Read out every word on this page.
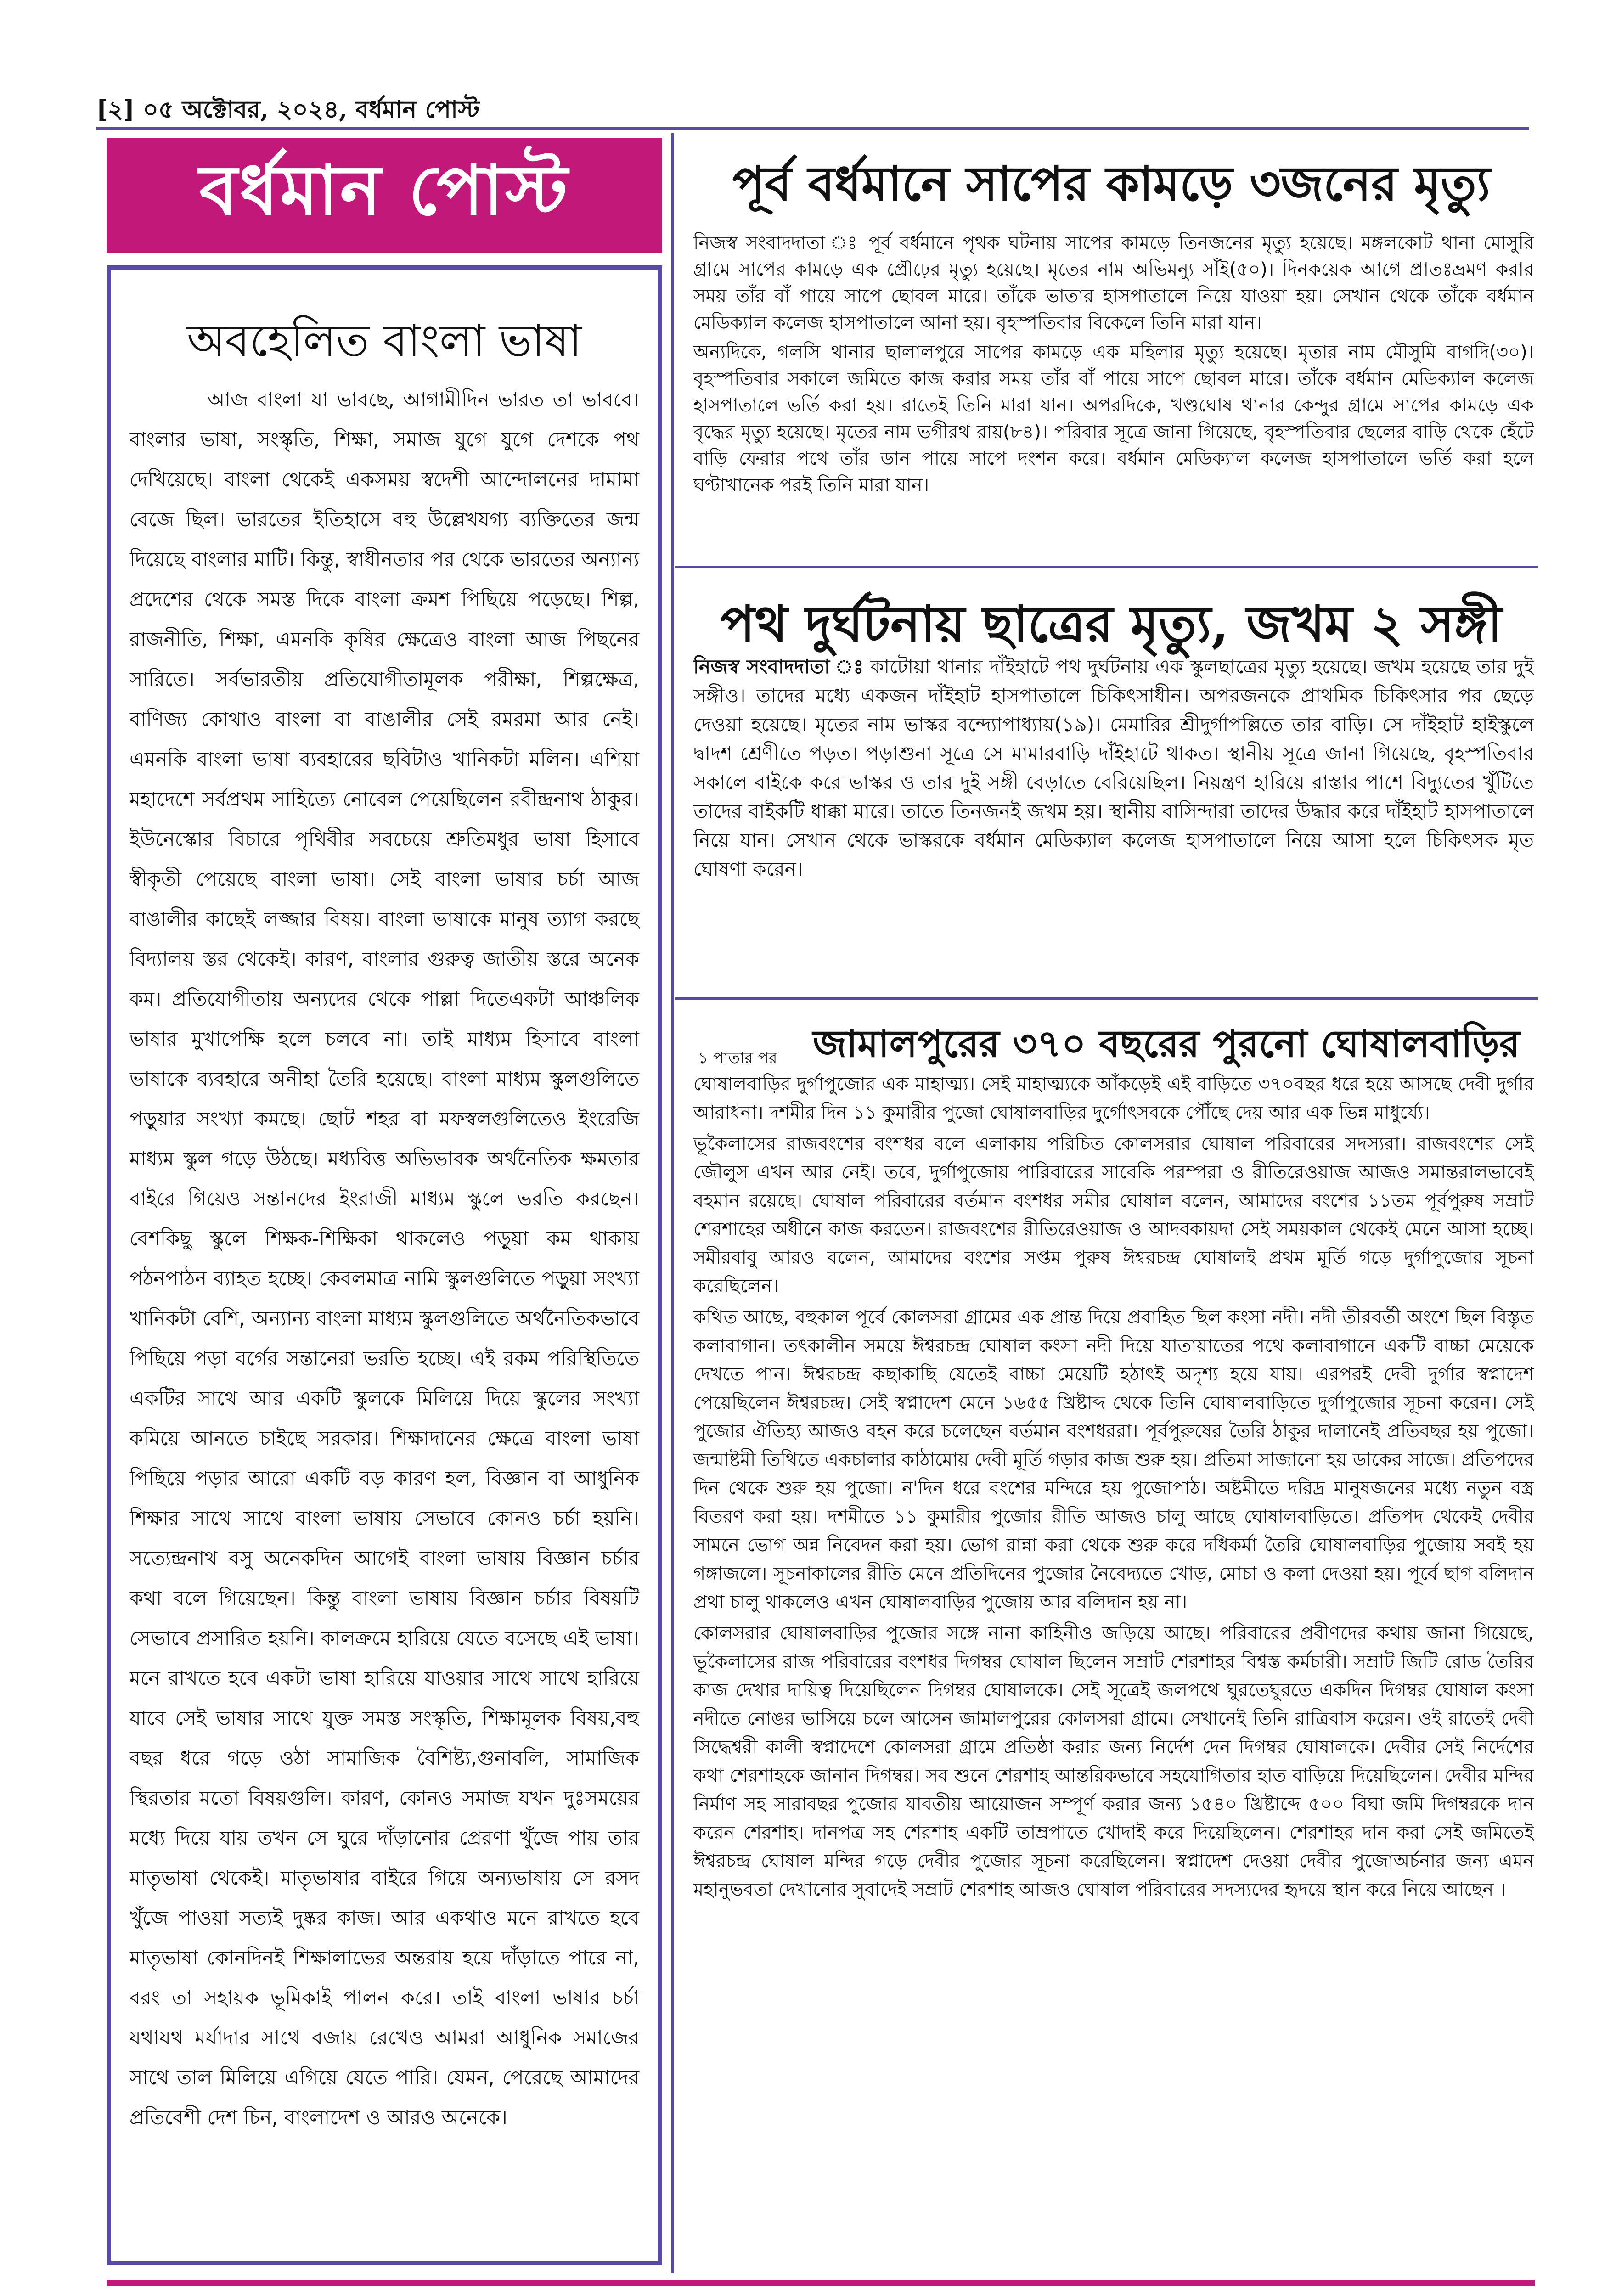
[২] ০৫ অক্টোবর, ২০২৪, বর্ধমান পোস্ট
বর্ধমান পোস্ট
অবহেলিত বাংলা ভাষা
আজ বাংলা যা ভাবছে, আগামীদিন ভারত তা ভাববে। বাংলার ভাষা, সংস্কৃতি, শিক্ষা, সমাজ যুগে যুগে দেশকে পথ দেখিয়েছে। বাংলা থেকেই একসময় স্বদেশী আন্দোলনের দামামা বেজে ছিল। ভারতের ইতিহাসে বহু উল্লেখযগ্য ব্যক্তিতের জন্ম দিয়েছে বাংলার মাটি। কিন্তু, স্বাধীনতার পর থেকে ভারতের অন্যান্য প্রদেশের থেকে সমস্ত দিকে বাংলা ক্রমশ পিছিয়ে পড়েছে। শিল্প, রাজনীতি, শিক্ষা, এমনকি কৃষির ক্ষেত্রেও বাংলা আজ পিছনের সারিতে। সর্বভারতীয় প্রতিযোগীতামূলক পরীক্ষা, শিল্পক্ষেত্র, বাণিজ্য কোথাও বাংলা বা বাঙালীর সেই রমরমা আর নেই। এমনকি বাংলা ভাষা ব্যবহারের ছবিটাও খানিকটা মলিন। এশিয়া মহাদেশে সর্বপ্রথম সাহিত্যে নোবেল পেয়েছিলেন রবীন্দ্রনাথ ঠাকুর। ইউনেস্কোর বিচারে পৃথিবীর সবচেয়ে শ্রুতিমধুর ভাষা হিসাবে স্বীকৃতী পেয়েছে বাংলা ভাষা। সেই বাংলা ভাষার চর্চা আজ বাঙালীর কাছেই লজ্জার বিষয়। বাংলা ভাষাকে মানুষ ত্যাগ করছে বিদ্যালয় স্তর থেকেই। কারণ, বাংলার গুরুত্ব জাতীয় স্তরে অনেক কম। প্রতিযোগীতায় অন্যদের থেকে পাল্লা দিতেএকটা আঞ্চলিক ভাষার মুখাপেক্ষি হলে চলবে না। তাই মাধ্যম হিসাবে বাংলা ভাষাকে ব্যবহারে অনীহা তৈরি হয়েছে। বাংলা মাধ্যম স্কুলগুলিতে পড়ুয়ার সংখ্যা কমছে। ছোট শহর বা মফস্বলগুলিতেও ইংরেজি মাধ্যম স্কুল গড়ে উঠছে। মধ্যবিত্ত অভিভাবক অর্থনৈতিক ক্ষমতার বাইরে গিয়েও সন্তানদের ইংরাজী মাধ্যম স্কুলে ভরতি করছেন। বেশকিছু স্কুলে শিক্ষক-শিক্ষিকা থাকলেও পড়ুয়া কম থাকায় পঠনপাঠন ব্যাহত হচ্ছে। কেবলমাত্র নামি স্কুলগুলিতে পড়ুয়া সংখ্যা খানিকটা বেশি, অন্যান্য বাংলা মাধ্যম স্কুলগুলিতে অর্থনৈতিকভাবে পিছিয়ে পড়া বর্গের সন্তানেরা ভরতি হচ্ছে। এই রকম পরিস্থিতিতে একটির সাথে আর একটি স্কুলকে মিলিয়ে দিয়ে স্কুলের সংখ্যা কমিয়ে আনতে চাইছে সরকার। শিক্ষাদানের ক্ষেত্রে বাংলা ভাষা পিছিয়ে পড়ার আরো একটি বড় কারণ হল, বিজ্ঞান বা আধুনিক শিক্ষার সাথে সাথে বাংলা ভাষায় সেভাবে কোনও চর্চা হয়নি। সত্যেন্দ্রনাথ বসু অনেকদিন আগেই বাংলা ভাষায় বিজ্ঞান চর্চার কথা বলে গিয়েছেন। কিন্তু বাংলা ভাষায় বিজ্ঞান চর্চার বিষয়টি সেভাবে প্রসারিত হয়নি। কালক্রমে হারিয়ে যেতে বসেছে এই ভাষা। মনে রাখতে হবে একটা ভাষা হারিয়ে যাওয়ার সাথে সাথে হারিয়ে যাবে সেই ভাষার সাথে যুক্ত সমস্ত সংস্কৃতি, শিক্ষামূলক বিষয়,বহু বছর ধরে গড়ে ওঠা সামাজিক বৈশিষ্ট্য,গুনাবলি, সামাজিক স্থিরতার মতো বিষয়গুলি। কারণ, কোনও সমাজ যখন দুঃসময়ের মধ্যে দিয়ে যায় তখন সে ঘুরে দাঁড়ানোর প্রেরণা খুঁজে পায় তার মাতৃভাষা থেকেই। মাতৃভাষার বাইরে গিয়ে অন্যভাষায় সে রসদ খুঁজে পাওয়া সত্যই দুষ্কর কাজ। আর একথাও মনে রাখতে হবে মাতৃভাষা কোনদিনই শিক্ষালাভের অন্তরায় হয়ে দাঁড়াতে পারে না, বরং তা সহায়ক ভূমিকাই পালন করে। তাই বাংলা ভাষার চর্চা যথাযথ মর্যাদার সাথে বজায় রেখেও আমরা আধুনিক সমাজের সাথে তাল মিলিয়ে এগিয়ে যেতে পারি। যেমন, পেরেছে আমাদের প্রতিবেশী দেশ চিন, বাংলাদেশ ও আরও অনেকে।
পূর্ব বর্ধমানে সাপের কামড়ে ৩জনের মৃত্যু

নিজস্ব সংবাদদাতা ঃ পূর্ব বর্ধমানে পৃথক ঘটনায় সাপের কামড়ে তিনজনের মৃত্যু হয়েছে। মঙ্গলকোট থানা মোসুরি গ্রামে সাপের কামড়ে এক প্রৌঢ়ের মৃত্যু হয়েছে। মৃতের নাম অভিমন্যু সাঁই(৫০)। দিনকয়েক আগে প্রাতঃভ্রমণ করার সময় তাঁর বাঁ পায়ে সাপে ছোবল মারে। তাঁকে ভাতার হাসপাতালে নিয়ে যাওয়া হয়। সেখান থেকে তাঁকে বর্ধমান মেডিক্যাল কলেজ হাসপাতালে আনা হয়। বৃহস্পতিবার বিকেলে তিনি মারা যান।

অন্যদিকে, গলসি থানার ছালালপুরে সাপের কামড়ে এক মহিলার মৃত্যু হয়েছে। মৃতার নাম মৌসুমি বাগদি(৩০)। বৃহস্পতিবার সকালে জমিতে কাজ করার সময় তাঁর বাঁ পায়ে সাপে ছোবল মারে। তাঁকে বর্ধমান মেডিক্যাল কলেজ হাসপাতালে ভর্তি করা হয়। রাতেই তিনি মারা যান। অপরদিকে, খণ্ডঘোষ থানার কেন্দুর গ্রামে সাপের কামড়ে এক বৃদ্ধের মৃত্যু হয়েছে। মৃতের নাম ভগীরথ রায়(৮৪)। পরিবার সূত্রে জানা গিয়েছে, বৃহস্পতিবার ছেলের বাড়ি থেকে হেঁটে বাড়ি ফেরার পথে তাঁর ডান পায়ে সাপে দংশন করে। বর্ধমান মেডিক্যাল কলেজ হাসপাতালে ভর্তি করা হলে ঘণ্টাখানেক পরই তিনি মারা যান।

পথ দুর্ঘটনায় ছাত্রের মৃত্যু, জখম ২ সঙ্গী
নিজস্ব সংবাদদাতা ঃ কাটোয়া থানার দাঁইহাটে পথ দুর্ঘটনায় এক স্কুলছাত্রের মৃত্যু হয়েছে। জখম হয়েছে তার দুই সঙ্গীও। তাদের মধ্যে একজন দাঁইহাট হাসপাতালে চিকিৎসাধীন। অপরজনকে প্রাথমিক চিকিৎসার পর ছেড়ে দেওয়া হয়েছে। মৃতের নাম ভাস্কর বন্দ্যোপাধ্যায়(১৯)। মেমারির শ্রীদুর্গাপল্লিতে তার বাড়ি। সে দাঁইহাট হাইস্কুলে দ্বাদশ শ্রেণীতে পড়ত। পড়াশুনা সূত্রে সে মামারবাড়ি দাঁইহাটে থাকত। স্থানীয় সূত্রে জানা গিয়েছে, বৃহস্পতিবার সকালে বাইকে করে ভাস্কর ও তার দুই সঙ্গী বেড়াতে বেরিয়েছিল। নিয়ন্ত্রণ হারিয়ে রাস্তার পাশে বিদ্যুতের খুঁটিতে তাদের বাইকটি ধাক্কা মারে। তাতে তিনজনই জখম হয়। স্থানীয় বাসিন্দারা তাদের উদ্ধার করে দাঁইহাট হাসপাতালে নিয়ে যান। সেখান থেকে ভাস্করকে বর্ধমান মেডিক্যাল কলেজ হাসপাতালে নিয়ে আসা হলে চিকিৎসক মৃত ঘোষণা করেন।
১ পাতার পর জামালপুরের ৩৭০ বছরের পুরনো ঘোষালবাড়ির

ঘোষালবাড়ির দুর্গাপুজোর এক মাহাত্ম্য। সেই মাহাত্ম্যকে আঁকড়েই এই বাড়িতে ৩৭০বছর ধরে হয়ে আসছে দেবী দুর্গার আরাধনা। দশমীর দিন ১১ কুমারীর পুজো ঘোষালবাড়ির দুর্গোৎসবকে পৌঁছে দেয় আর এক ভিন্ন মাধুর্য্যে।

ভূকৈলাসের রাজবংশের বংশধর বলে এলাকায় পরিচিত কোলসরার ঘোষাল পরিবারের সদস্যরা। রাজবংশের সেই জৌলুস এখন আর নেই। তবে, দুর্গাপুজোয় পারিবারের সাবেকি পরম্পরা ও রীতিরেওয়াজ আজও সমান্তরালভাবেই বহমান রয়েছে। ঘোষাল পরিবারের বর্তমান বংশধর সমীর ঘোষাল বলেন, আমাদের বংশের ১১তম পূর্বপুরুষ সম্রাট শেরশাহের অধীনে কাজ করতেন। রাজবংশের রীতিরেওয়াজ ও আদবকায়দা সেই সময়কাল থেকেই মেনে আসা হচ্ছে। সমীরবাবু আরও বলেন, আমাদের বংশের সপ্তম পুরুষ ঈশ্বরচন্দ্র ঘোষালই প্রথম মূর্তি গড়ে দুর্গাপুজোর সূচনা করেছিলেন।

কথিত আছে, বহুকাল পূর্বে কোলসরা গ্রামের এক প্রান্ত দিয়ে প্রবাহিত ছিল কংসা নদী। নদী তীরবর্তী অংশে ছিল বিস্তৃত কলাবাগান। তৎকালীন সময়ে ঈশ্বরচন্দ্র ঘোষাল কংসা নদী দিয়ে যাতায়াতের পথে কলাবাগানে একটি বাচ্চা মেয়েকে দেখতে পান। ঈশ্বরচন্দ্র কছাকাছি যেতেই বাচ্চা মেয়েটি হঠাৎই অদৃশ্য হয়ে যায়। এরপরই দেবী দুর্গার স্বপ্নাদেশ পেয়েছিলেন ঈশ্বরচন্দ্র। সেই স্বপ্নাদেশ মেনে ১৬৫৫ খ্রিষ্টাব্দ থেকে তিনি ঘোষালবাড়িতে দুর্গাপুজোর সূচনা করেন। সেই পুজোর ঐতিহ্য আজও বহন করে চলেছেন বর্তমান বংশধররা। পূর্বপুরুষের তৈরি ঠাকুর দালানেই প্রতিবছর হয় পুজো। জন্মাষ্টমী তিথিতে একচালার কাঠামোয় দেবী মূর্তি গড়ার কাজ শুরু হয়। প্রতিমা সাজানো হয় ডাকের সাজে। প্রতিপদের দিন থেকে শুরু হয় পুজো। ন'দিন ধরে বংশের মন্দিরে হয় পুজোপাঠ। অষ্টমীতে দরিদ্র মানুষজনের মধ্যে নতুন বস্ত্র বিতরণ করা হয়। দশমীতে ১১ কুমারীর পুজোর রীতি আজও চালু আছে ঘোষালবাড়িতে। প্রতিপদ থেকেই দেবীর সামনে ভোগ অন্ন নিবেদন করা হয়। ভোগ রান্না করা থেকে শুরু করে দধিকর্মা তৈরি ঘোষালবাড়ির পুজোয় সবই হয় গঙ্গাজলে। সূচনাকালের রীতি মেনে প্রতিদিনের পুজোর নৈবেদ্যতে খোড়, মোচা ও কলা দেওয়া হয়। পূর্বে ছাগ বলিদান প্রথা চালু থাকলেও এখন ঘোষালবাড়ির পুজোয় আর বলিদান হয় না।

কোলসরার ঘোষালবাড়ির পুজোর সঙ্গে নানা কাহিনীও জড়িয়ে আছে। পরিবারের প্রবীণদের কথায় জানা গিয়েছে, ভূকৈলাসের রাজ পরিবারের বংশধর দিগম্বর ঘোষাল ছিলেন সম্রাট শেরশাহর বিশ্বস্ত কর্মচারী। সম্রাট জিটি রোড তৈরির কাজ দেখার দায়িত্ব দিয়েছিলেন দিগম্বর ঘোষালকে। সেই সূত্রেই জলপথে ঘুরতেঘুরতে একদিন দিগম্বর ঘোষাল কংসা নদীতে নোঙর ভাসিয়ে চলে আসেন জামালপুরের কোলসরা গ্রামে। সেখানেই তিনি রাত্রিবাস করেন। ওই রাতেই দেবী সিদ্ধেশ্বরী কালী স্বপ্নাদেশে কোলসরা গ্রামে প্রতিষ্ঠা করার জন্য নির্দেশ দেন দিগম্বর ঘোষালকে। দেবীর সেই নির্দেশের কথা শেরশাহকে জানান দিগম্বর। সব শুনে শেরশাহ আন্তরিকভাবে সহযোগিতার হাত বাড়িয়ে দিয়েছিলেন। দেবীর মন্দির নির্মাণ সহ সারাবছর পুজোর যাবতীয় আয়োজন সম্পূর্ণ করার জন্য ১৫৪০ খ্রিষ্টাব্দে ৫০০ বিঘা জমি দিগম্বরকে দান করেন শেরশাহ। দানপত্র সহ শেরশাহ একটি তাম্রপাতে খোদাই করে দিয়েছিলেন। শেরশাহর দান করা সেই জমিতেই ঈশ্বরচন্দ্র ঘোষাল মন্দির গড়ে দেবীর পুজোর সূচনা করেছিলেন। স্বপ্নাদেশ দেওয়া দেবীর পুজোঅর্চনার জন্য এমন মহানুভবতা দেখানোর সুবাদেই সম্রাট শেরশাহ আজও ঘোষাল পরিবারের সদস্যদের হৃদয়ে স্থান করে নিয়ে আছেন ।
